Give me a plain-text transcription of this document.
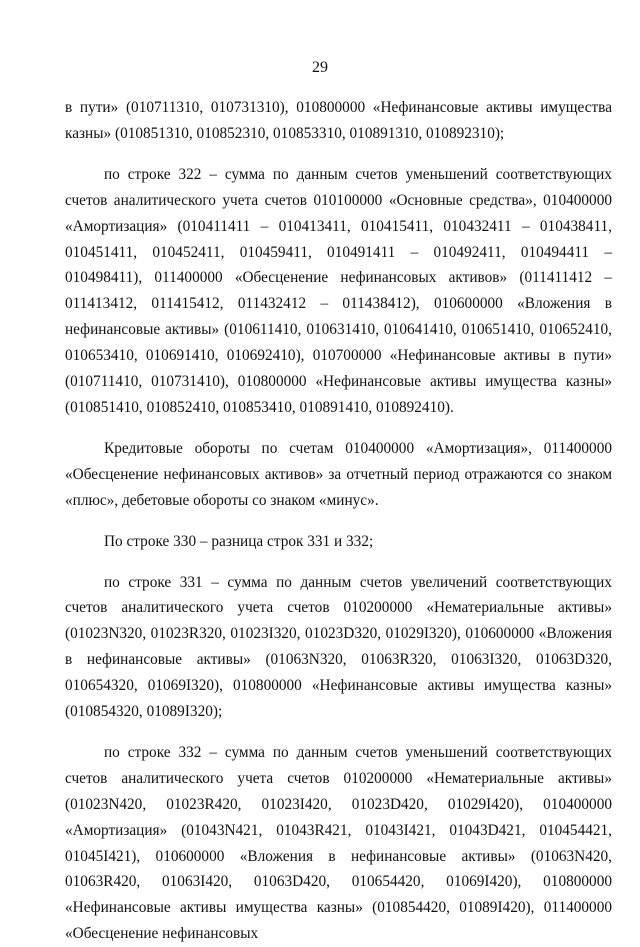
29

в пути» (010711310, 010731310), 010800000 «Нефинансовые активы имущества казны» (010851310, 010852310, 010853310, 010891310, 010892310);

по строке 322 – сумма по данным счетов уменьшений соответствующих счетов аналитического учета счетов 010100000 «Основные средства», 010400000 «Амортизация» (010411411 – 010413411, 010415411, 010432411 – 010438411, 010451411, 010452411, 010459411, 010491411 – 010492411, 010494411 – 010498411), 011400000 «Обесценение нефинансовых активов» (011411412 – 011413412, 011415412, 011432412 – 011438412), 010600000 «Вложения в нефинансовые активы» (010611410, 010631410, 010641410, 010651410, 010652410, 010653410, 010691410, 010692410), 010700000 «Нефинансовые активы в пути» (010711410, 010731410), 010800000 «Нефинансовые активы имущества казны» (010851410, 010852410, 010853410, 010891410, 010892410).

Кредитовые обороты по счетам 010400000 «Амортизация», 011400000 «Обесценение нефинансовых активов» за отчетный период отражаются со знаком «плюс», дебетовые обороты со знаком «минус».

По строке 330 – разница строк 331 и 332;

по строке 331 – сумма по данным счетов увеличений соответствующих счетов аналитического учета счетов 010200000 «Нематериальные активы» (01023N320, 01023R320, 01023I320, 01023D320, 01029I320), 010600000 «Вложения в нефинансовые активы» (01063N320, 01063R320, 01063I320, 01063D320, 010654320, 01069I320), 010800000 «Нефинансовые активы имущества казны» (010854320, 01089I320);

по строке 332 – сумма по данным счетов уменьшений соответствующих счетов аналитического учета счетов 010200000 «Нематериальные активы» (01023N420, 01023R420, 01023I420, 01023D420, 01029I420), 010400000 «Амортизация» (01043N421, 01043R421, 01043I421, 01043D421, 010454421, 01045I421), 010600000 «Вложения в нефинансовые активы» (01063N420, 01063R420, 01063I420, 01063D420, 010654420, 01069I420), 010800000 «Нефинансовые активы имущества казны» (010854420, 01089I420), 011400000 «Обесценение нефинансовых
